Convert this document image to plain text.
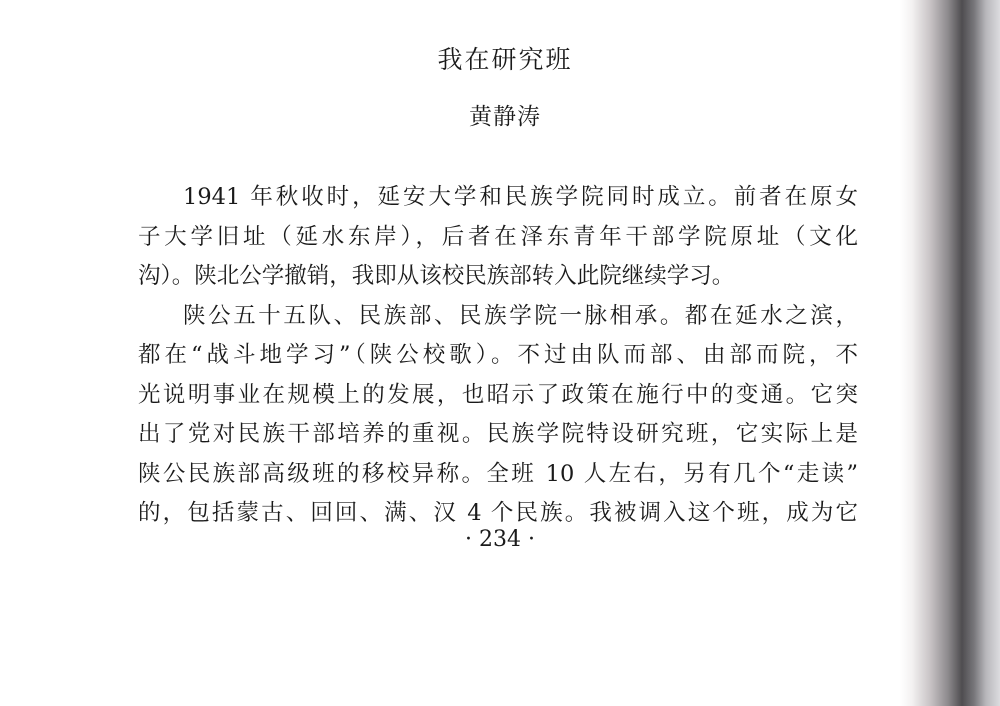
我在研究班
黄静涛
1941 年秋收时，延安大学和民族学院同时成立。前者在原女
子大学旧址（延水东岸），后者在泽东青年干部学院原址（文化
沟）。陕北公学撤销，我即从该校民族部转入此院继续学习。
陕公五十五队、民族部、民族学院一脉相承。都在延水之滨，
都在“战斗地学习”（陕公校歌）。不过由队而部、由部而院，不
光说明事业在规模上的发展，也昭示了政策在施行中的变通。它突
出了党对民族干部培养的重视。民族学院特设研究班，它实际上是
陕公民族部高级班的移校异称。全班 10 人左右，另有几个“走读”
的，包括蒙古、回回、满、汉 4 个民族。我被调入这个班，成为它
· 234 ·
